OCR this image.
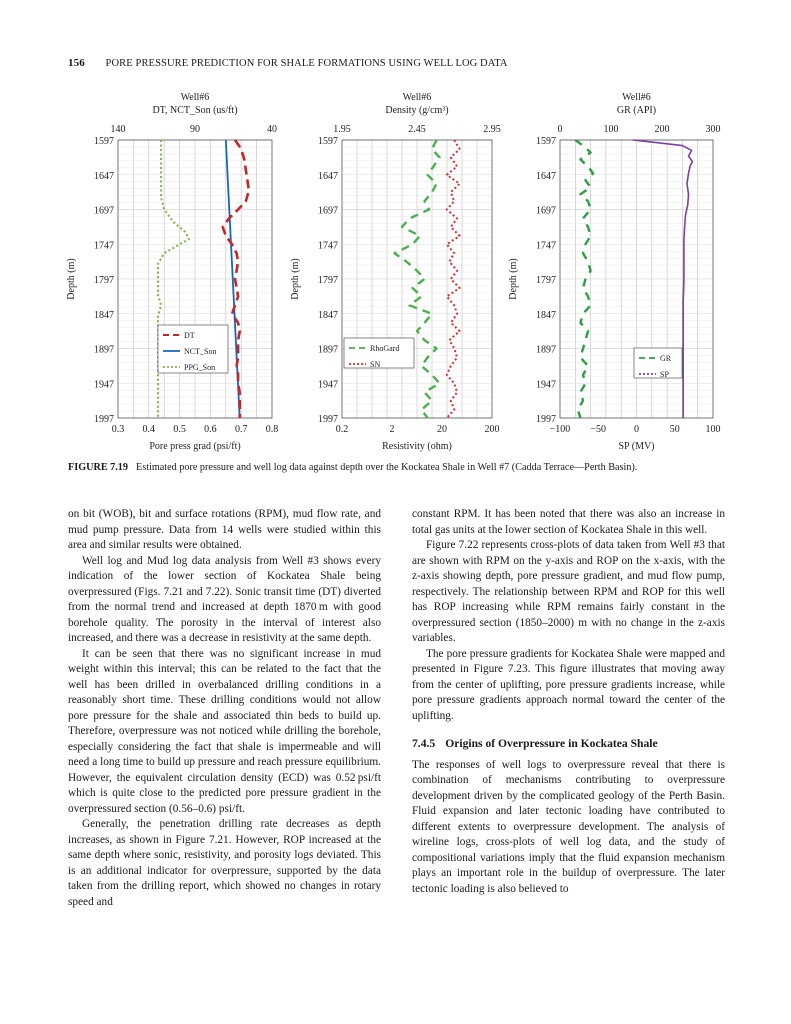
156 PORE PRESSURE PREDICTION FOR SHALE FORMATIONS USING WELL LOG DATA
Well#6
DT, NCT_Son (us/ft)
140	90	40
0.3 0.4 0.5 0.6 0.7 0.8
Pore press grad (psi/ft)
1597
1647
1697
1747
1797
1847
1897
1947
1997
Depth (m)
Well#6
Density (g/cm³)
1.95	2.45	2.95
0.2	2	20	200
Resistivity (ohm)
1597
1647
1697
1747
1797
1847
1897
1947
1997
Depth (m)
Well#6
GR (API)
0	100	200	300
−100 −50	0	50	100
SP (MV)
1597
1647
1697
1747
1797
1847
1897
1947
1997
Depth (m)
DT
NCT_Son
PPG_Son
RhoGard
SN
GR
SP
FIGURE 7.19 Estimated pore pressure and well log data against depth over the Kockatea Shale in Well #7 (Cadda Terrace—Perth Basin).

on bit (WOB), bit and surface rotations (RPM), mud flow rate, and mud pump pressure. Data from 14 wells were studied within this area and similar results were obtained.

Well log and Mud log data analysis from Well #3 shows every indication of the lower section of Kockatea Shale being overpressured (Figs. 7.21 and 7.22). Sonic transit time (DT) diverted from the normal trend and increased at depth 1870 m with good borehole quality. The porosity in the interval of interest also increased, and there was a decrease in resistivity at the same depth.

It can be seen that there was no significant increase in mud weight within this interval; this can be related to the fact that the well has been drilled in overbalanced drilling conditions in a reasonably short time. These drilling conditions would not allow pore pressure for the shale and associated thin beds to build up. Therefore, overpressure was not noticed while drilling the borehole, especially considering the fact that shale is impermeable and will need a long time to build up pressure and reach pressure equilibrium. However, the equivalent circulation density (ECD) was 0.52 psi/ft which is quite close to the predicted pore pressure gradient in the overpressured section (0.56–0.6) psi/ft.

Generally, the penetration drilling rate decreases as depth increases, as shown in Figure 7.21. However, ROP increased at the same depth where sonic, resistivity, and porosity logs deviated. This is an additional indicator for overpressure, supported by the data taken from the drilling report, which showed no changes in rotary speed and

constant RPM. It has been noted that there was also an increase in total gas units at the lower section of Kockatea Shale in this well.

Figure 7.22 represents cross-plots of data taken from Well #3 that are shown with RPM on the y-axis and ROP on the x-axis, with the z-axis showing depth, pore pressure gradient, and mud flow pump, respectively. The relationship between RPM and ROP for this well has ROP increasing while RPM remains fairly constant in the overpressured section (1850–2000) m with no change in the z-axis variables.

The pore pressure gradients for Kockatea Shale were mapped and presented in Figure 7.23. This figure illustrates that moving away from the center of uplifting, pore pressure gradients increase, while pore pressure gradients approach normal toward the center of the uplifting.

7.4.5 Origins of Overpressure in Kockatea Shale

The responses of well logs to overpressure reveal that there is combination of mechanisms contributing to overpressure development driven by the complicated geology of the Perth Basin. Fluid expansion and later tectonic loading have contributed to different extents to overpressure development. The analysis of wireline logs, cross-plots of well log data, and the study of compositional variations imply that the fluid expansion mechanism plays an important role in the buildup of overpressure. The later tectonic loading is also believed to
